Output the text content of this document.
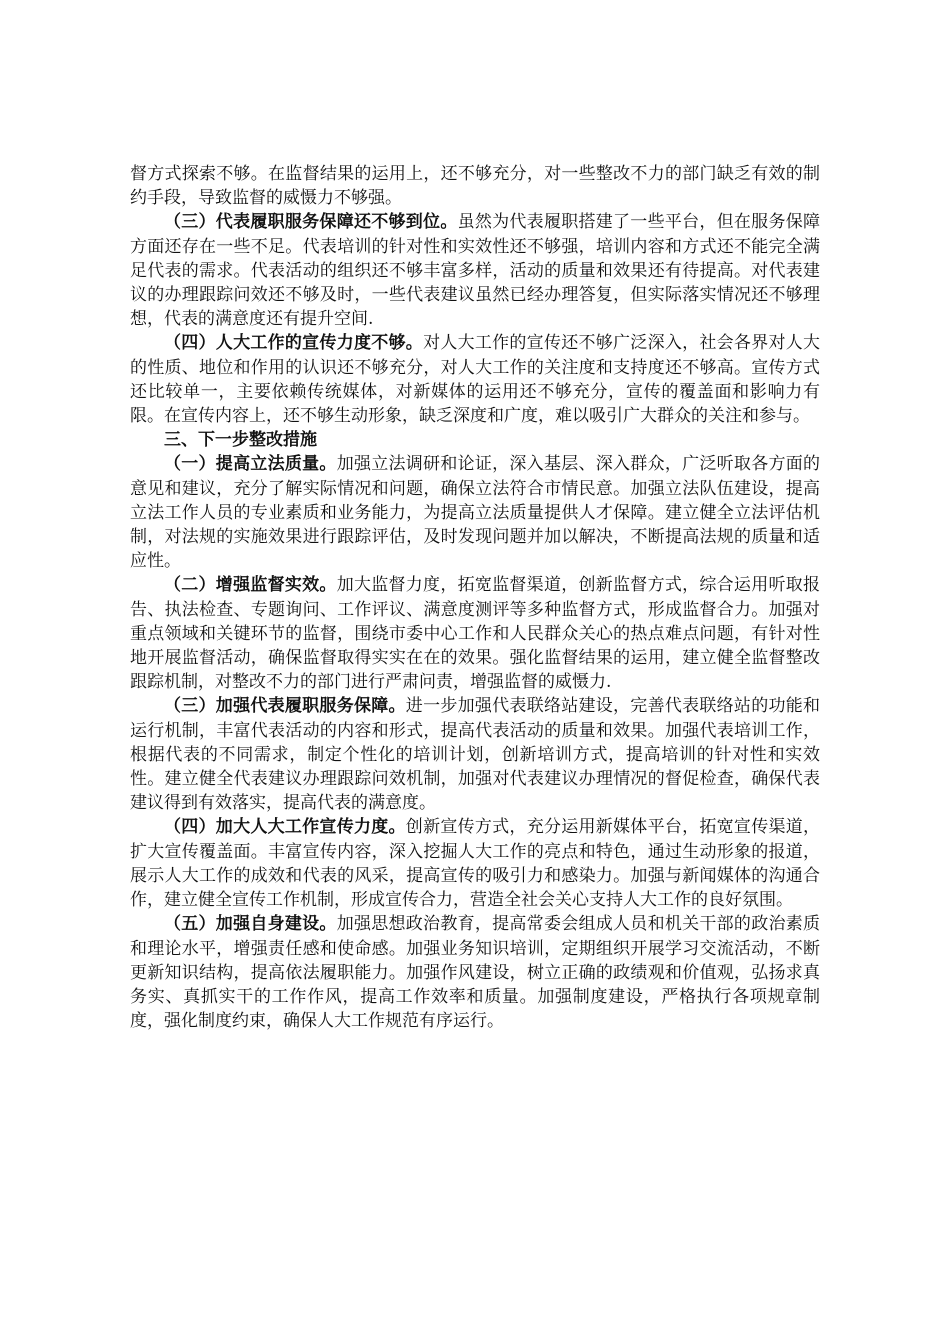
督方式探索不够。在监督结果的运用上，还不够充分，对一些整改不力的部门缺乏有效的制约手段，导致监督的威慑力不够强。

（三）代表履职服务保障还不够到位。虽然为代表履职搭建了一些平台，但在服务保障方面还存在一些不足。代表培训的针对性和实效性还不够强，培训内容和方式还不能完全满足代表的需求。代表活动的组织还不够丰富多样，活动的质量和效果还有待提高。对代表建议的办理跟踪问效还不够及时，一些代表建议虽然已经办理答复，但实际落实情况还不够理想，代表的满意度还有提升空间.

（四）人大工作的宣传力度不够。对人大工作的宣传还不够广泛深入，社会各界对人大的性质、地位和作用的认识还不够充分，对人大工作的关注度和支持度还不够高。宣传方式还比较单一，主要依赖传统媒体，对新媒体的运用还不够充分，宣传的覆盖面和影响力有限。在宣传内容上，还不够生动形象，缺乏深度和广度，难以吸引广大群众的关注和参与。

三、下一步整改措施

（一）提高立法质量。加强立法调研和论证，深入基层、深入群众，广泛听取各方面的意见和建议，充分了解实际情况和问题，确保立法符合市情民意。加强立法队伍建设，提高立法工作人员的专业素质和业务能力，为提高立法质量提供人才保障。建立健全立法评估机制，对法规的实施效果进行跟踪评估，及时发现问题并加以解决，不断提高法规的质量和适应性。

（二）增强监督实效。加大监督力度，拓宽监督渠道，创新监督方式，综合运用听取报告、执法检查、专题询问、工作评议、满意度测评等多种监督方式，形成监督合力。加强对重点领域和关键环节的监督，围绕市委中心工作和人民群众关心的热点难点问题，有针对性地开展监督活动，确保监督取得实实在在的效果。强化监督结果的运用，建立健全监督整改跟踪机制，对整改不力的部门进行严肃问责，增强监督的威慑力.

（三）加强代表履职服务保障。进一步加强代表联络站建设，完善代表联络站的功能和运行机制，丰富代表活动的内容和形式，提高代表活动的质量和效果。加强代表培训工作，根据代表的不同需求，制定个性化的培训计划，创新培训方式，提高培训的针对性和实效性。建立健全代表建议办理跟踪问效机制，加强对代表建议办理情况的督促检查，确保代表建议得到有效落实，提高代表的满意度。

（四）加大人大工作宣传力度。创新宣传方式，充分运用新媒体平台，拓宽宣传渠道，扩大宣传覆盖面。丰富宣传内容，深入挖掘人大工作的亮点和特色，通过生动形象的报道，展示人大工作的成效和代表的风采，提高宣传的吸引力和感染力。加强与新闻媒体的沟通合作，建立健全宣传工作机制，形成宣传合力，营造全社会关心支持人大工作的良好氛围。

（五）加强自身建设。加强思想政治教育，提高常委会组成人员和机关干部的政治素质和理论水平，增强责任感和使命感。加强业务知识培训，定期组织开展学习交流活动，不断更新知识结构，提高依法履职能力。加强作风建设，树立正确的政绩观和价值观，弘扬求真务实、真抓实干的工作作风，提高工作效率和质量。加强制度建设，严格执行各项规章制度，强化制度约束，确保人大工作规范有序运行。
